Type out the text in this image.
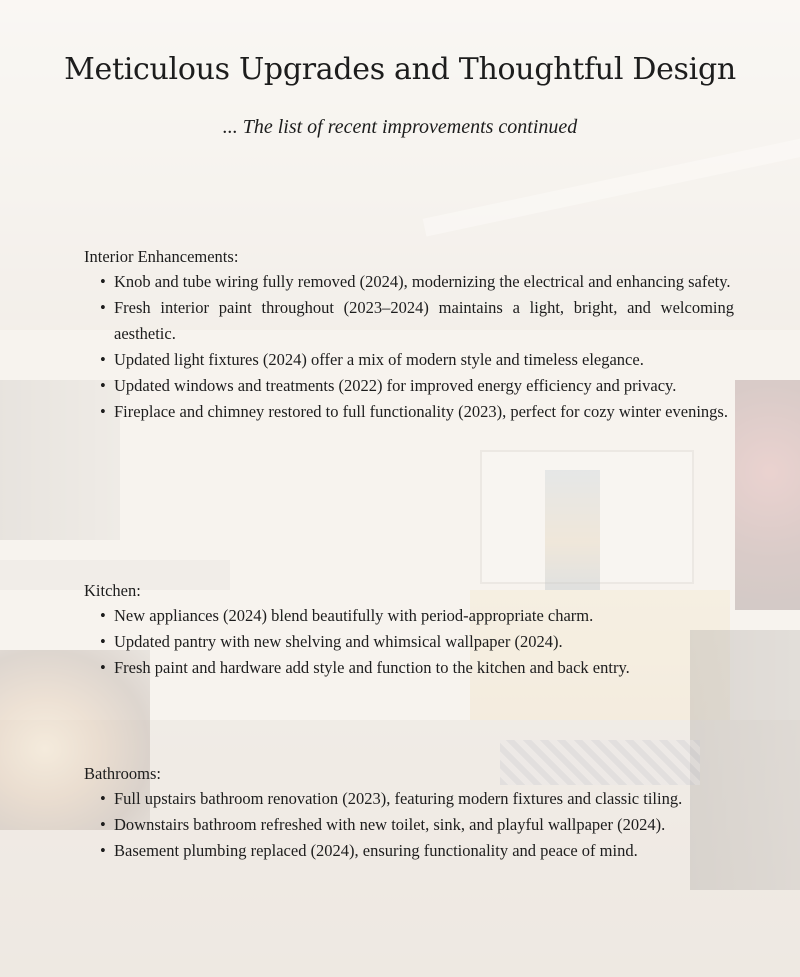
Meticulous Upgrades and Thoughtful Design
... The list of recent improvements continued
Interior Enhancements:
• Knob and tube wiring fully removed (2024), modernizing the electrical and enhancing safety.
• Fresh interior paint throughout (2023–2024) maintains a light, bright, and welcoming aesthetic.
• Updated light fixtures (2024) offer a mix of modern style and timeless elegance.
• Updated windows and treatments (2022) for improved energy efficiency and privacy.
• Fireplace and chimney restored to full functionality (2023), perfect for cozy winter evenings.
Kitchen:
• New appliances (2024) blend beautifully with period-appropriate charm.
• Updated pantry with new shelving and whimsical wallpaper (2024).
• Fresh paint and hardware add style and function to the kitchen and back entry.
Bathrooms:
• Full upstairs bathroom renovation (2023), featuring modern fixtures and classic tiling.
• Downstairs bathroom refreshed with new toilet, sink, and playful wallpaper (2024).
• Basement plumbing replaced (2024), ensuring functionality and peace of mind.
